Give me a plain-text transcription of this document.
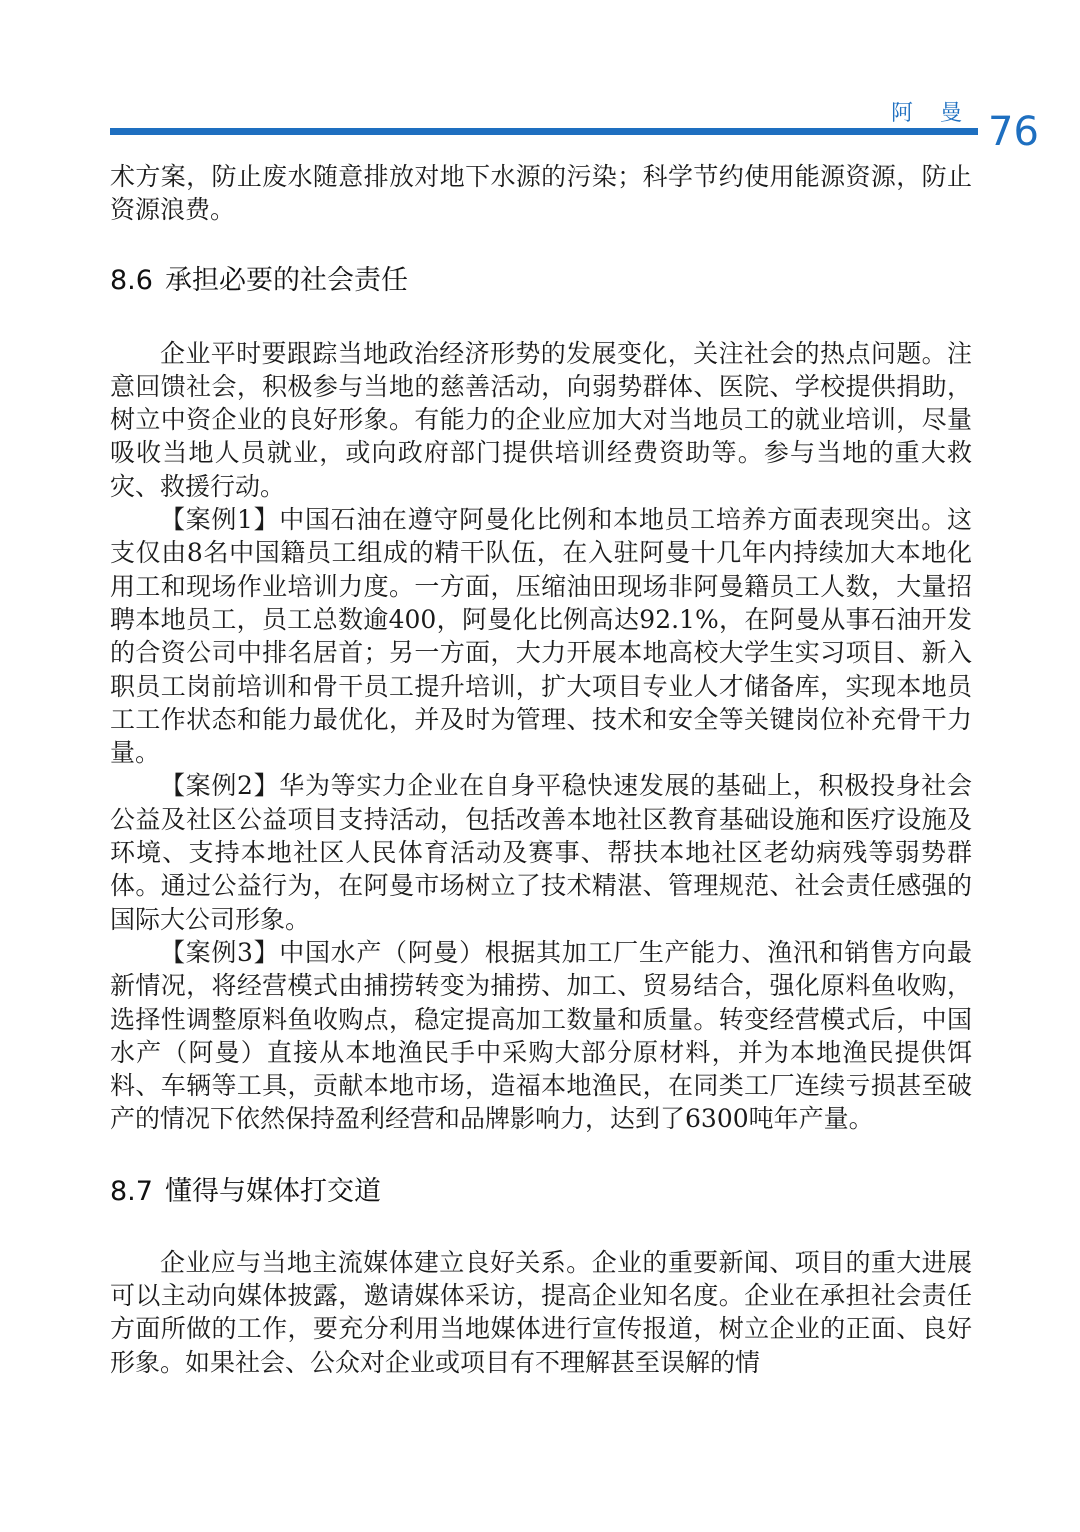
阿 曼 76

术方案，防止废水随意排放对地下水源的污染；科学节约使用能源资源，防止资源浪费。

8.6 承担必要的社会责任

企业平时要跟踪当地政治经济形势的发展变化，关注社会的热点问题。注意回馈社会，积极参与当地的慈善活动，向弱势群体、医院、学校提供捐助，树立中资企业的良好形象。有能力的企业应加大对当地员工的就业培训，尽量吸收当地人员就业，或向政府部门提供培训经费资助等。参与当地的重大救灾、救援行动。

【案例1】中国石油在遵守阿曼化比例和本地员工培养方面表现突出。这支仅由8名中国籍员工组成的精干队伍，在入驻阿曼十几年内持续加大本地化用工和现场作业培训力度。一方面，压缩油田现场非阿曼籍员工人数，大量招聘本地员工，员工总数逾400，阿曼化比例高达92.1%，在阿曼从事石油开发的合资公司中排名居首；另一方面，大力开展本地高校大学生实习项目、新入职员工岗前培训和骨干员工提升培训，扩大项目专业人才储备库，实现本地员工工作状态和能力最优化，并及时为管理、技术和安全等关键岗位补充骨干力量。

【案例2】华为等实力企业在自身平稳快速发展的基础上，积极投身社会公益及社区公益项目支持活动，包括改善本地社区教育基础设施和医疗设施及环境、支持本地社区人民体育活动及赛事、帮扶本地社区老幼病残等弱势群体。通过公益行为，在阿曼市场树立了技术精湛、管理规范、社会责任感强的国际大公司形象。

【案例3】中国水产（阿曼）根据其加工厂生产能力、渔汛和销售方向最新情况，将经营模式由捕捞转变为捕捞、加工、贸易结合，强化原料鱼收购，选择性调整原料鱼收购点，稳定提高加工数量和质量。转变经营模式后，中国水产（阿曼）直接从本地渔民手中采购大部分原材料，并为本地渔民提供饵料、车辆等工具，贡献本地市场，造福本地渔民，在同类工厂连续亏损甚至破产的情况下依然保持盈利经营和品牌影响力，达到了6300吨年产量。

8.7 懂得与媒体打交道

企业应与当地主流媒体建立良好关系。企业的重要新闻、项目的重大进展可以主动向媒体披露，邀请媒体采访，提高企业知名度。企业在承担社会责任方面所做的工作，要充分利用当地媒体进行宣传报道，树立企业的正面、良好形象。如果社会、公众对企业或项目有不理解甚至误解的情
